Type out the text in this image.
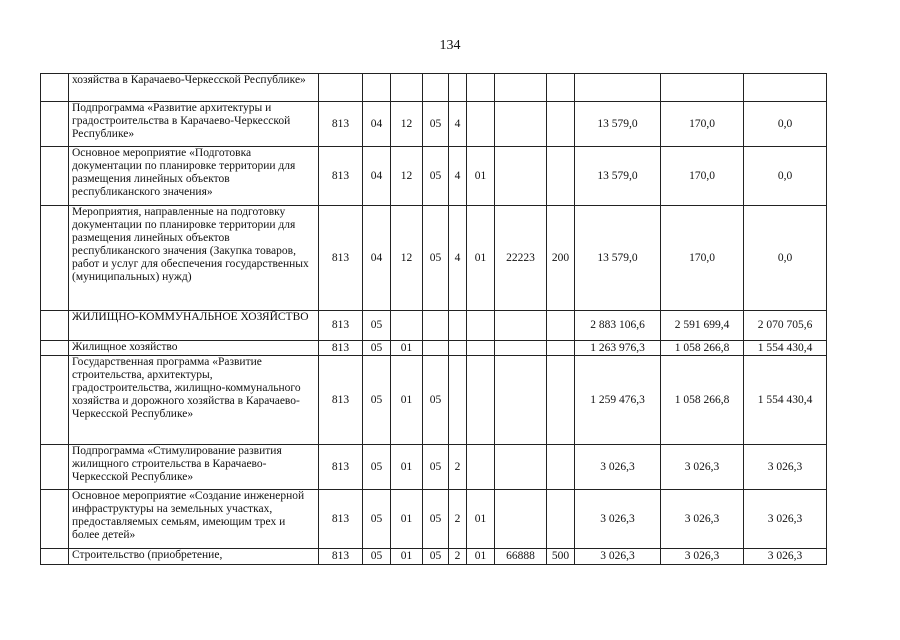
134
	хозяйства в Карачаево-Черкесской Республике»											
	Подпрограмма «Развитие архитектуры и градостроительства в Карачаево-Черкесской Республике»	813	04	12	05	4				13 579,0	170,0	0,0
	Основное мероприятие «Подготовка документации по планировке территории для размещения линейных объектов республиканского значения»	813	04	12	05	4	01			13 579,0	170,0	0,0
	Мероприятия, направленные на подготовку документации по планировке территории для размещения линейных объектов республиканского значения (Закупка товаров, работ и услуг для обеспечения государственных (муниципальных) нужд)	813	04	12	05	4	01	22223	200	13 579,0	170,0	0,0
	ЖИЛИЩНО-КОММУНАЛЬНОЕ ХОЗЯЙСТВО	813	05							2 883 106,6	2 591 699,4	2 070 705,6
	Жилищное хозяйство	813	05	01						1 263 976,3	1 058 266,8	1 554 430,4
	Государственная программа «Развитие строительства, архитектуры, градостроительства, жилищно-коммунального хозяйства и дорожного хозяйства в Карачаево-Черкесской Республике»	813	05	01	05					1 259 476,3	1 058 266,8	1 554 430,4
	Подпрограмма «Стимулирование развития жилищного строительства в Карачаево-Черкесской Республике»	813	05	01	05	2				3 026,3	3 026,3	3 026,3
	Основное мероприятие «Создание инженерной инфраструктуры на земельных участках, предоставляемых семьям, имеющим трех и более детей»	813	05	01	05	2	01			3 026,3	3 026,3	3 026,3
	Строительство (приобретение,	813	05	01	05	2	01	66888	500	3 026,3	3 026,3	3 026,3
